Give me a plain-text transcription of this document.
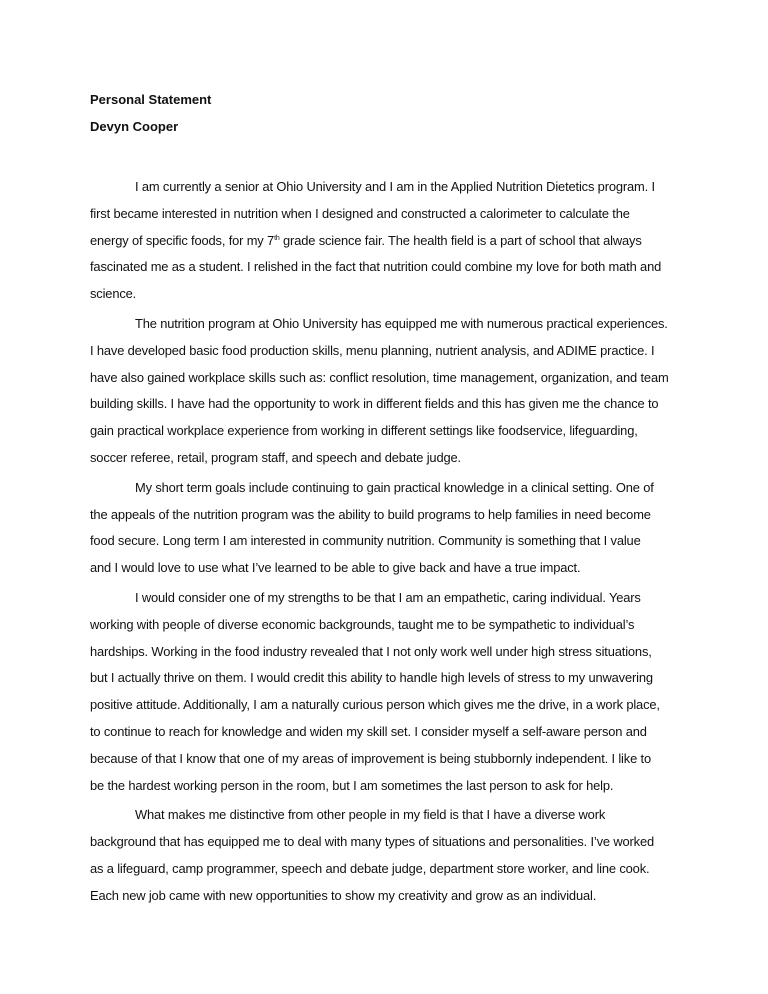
Personal Statement
Devyn Cooper
I am currently a senior at Ohio University and I am in the Applied Nutrition Dietetics program. I
first became interested in nutrition when I designed and constructed a calorimeter to calculate the
energy of specific foods, for my 7th grade science fair. The health field is a part of school that always
fascinated me as a student. I relished in the fact that nutrition could combine my love for both math and
science.
The nutrition program at Ohio University has equipped me with numerous practical experiences.
I have developed basic food production skills, menu planning, nutrient analysis, and ADIME practice. I
have also gained workplace skills such as: conflict resolution, time management, organization, and team
building skills. I have had the opportunity to work in different fields and this has given me the chance to
gain practical workplace experience from working in different settings like foodservice, lifeguarding,
soccer referee, retail, program staff, and speech and debate judge.
My short term goals include continuing to gain practical knowledge in a clinical setting. One of
the appeals of the nutrition program was the ability to build programs to help families in need become
food secure. Long term I am interested in community nutrition. Community is something that I value
and I would love to use what I’ve learned to be able to give back and have a true impact.
I would consider one of my strengths to be that I am an empathetic, caring individual. Years
working with people of diverse economic backgrounds, taught me to be sympathetic to individual’s
hardships. Working in the food industry revealed that I not only work well under high stress situations,
but I actually thrive on them. I would credit this ability to handle high levels of stress to my unwavering
positive attitude. Additionally, I am a naturally curious person which gives me the drive, in a work place,
to continue to reach for knowledge and widen my skill set. I consider myself a self-aware person and
because of that I know that one of my areas of improvement is being stubbornly independent. I like to
be the hardest working person in the room, but I am sometimes the last person to ask for help.
What makes me distinctive from other people in my field is that I have a diverse work
background that has equipped me to deal with many types of situations and personalities. I’ve worked
as a lifeguard, camp programmer, speech and debate judge, department store worker, and line cook.
Each new job came with new opportunities to show my creativity and grow as an individual.
